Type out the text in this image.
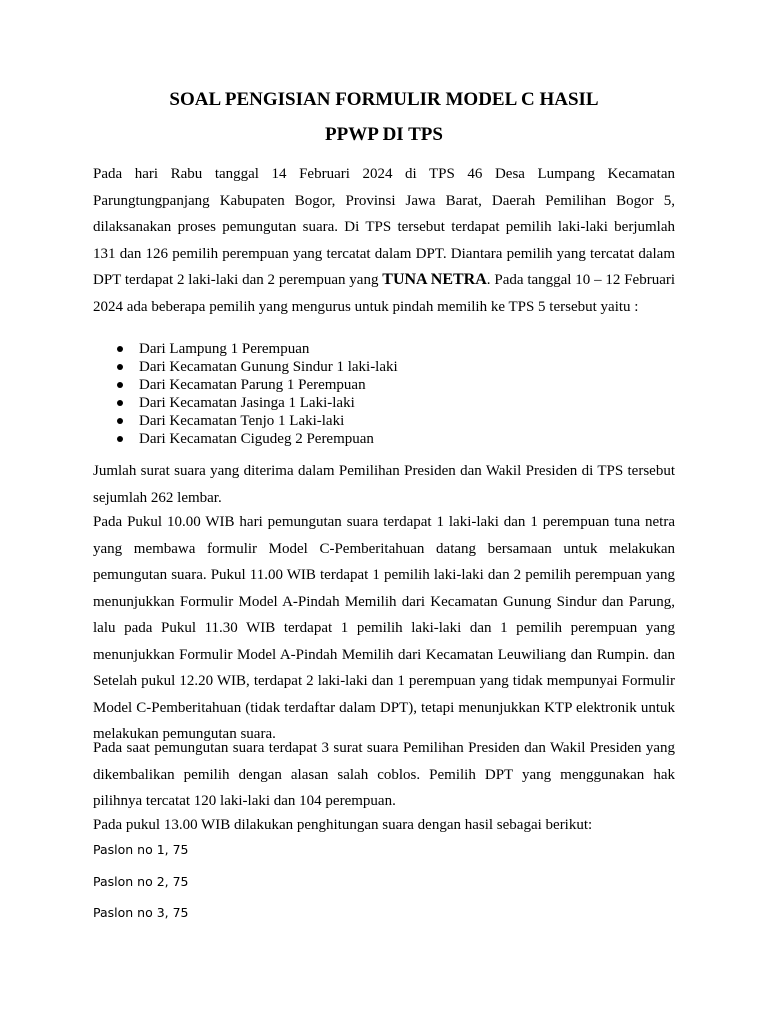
SOAL PENGISIAN FORMULIR MODEL C HASIL
PPWP DI TPS

Pada hari Rabu tanggal 14 Februari 2024 di TPS 46 Desa Lumpang Kecamatan Parungtungpanjang Kabupaten Bogor, Provinsi Jawa Barat, Daerah Pemilihan Bogor 5, dilaksanakan proses pemungutan suara. Di TPS tersebut terdapat pemilih laki-laki berjumlah 131 dan 126 pemilih perempuan yang tercatat dalam DPT. Diantara pemilih yang tercatat dalam DPT terdapat 2 laki-laki dan 2 perempuan yang TUNA NETRA. Pada tanggal 10 – 12 Februari 2024 ada beberapa pemilih yang mengurus untuk pindah memilih ke TPS 5 tersebut yaitu :

Dari Lampung 1 Perempuan
Dari Kecamatan Gunung Sindur 1 laki-laki
Dari Kecamatan Parung 1 Perempuan
Dari Kecamatan Jasinga 1 Laki-laki
Dari Kecamatan Tenjo 1 Laki-laki
Dari Kecamatan Cigudeg 2 Perempuan

Jumlah surat suara yang diterima dalam Pemilihan Presiden dan Wakil Presiden di TPS tersebut sejumlah 262 lembar.

Pada Pukul 10.00 WIB hari pemungutan suara terdapat 1 laki-laki dan 1 perempuan tuna netra yang membawa formulir Model C-Pemberitahuan datang bersamaan untuk melakukan pemungutan suara. Pukul 11.00 WIB terdapat 1 pemilih laki-laki dan 2 pemilih perempuan yang menunjukkan Formulir Model A-Pindah Memilih dari Kecamatan Gunung Sindur dan Parung, lalu pada Pukul 11.30 WIB terdapat 1 pemilih laki-laki dan 1 pemilih perempuan yang menunjukkan Formulir Model A-Pindah Memilih dari Kecamatan Leuwiliang dan Rumpin. dan Setelah pukul 12.20 WIB, terdapat 2 laki-laki dan 1 perempuan yang tidak mempunyai Formulir Model C-Pemberitahuan (tidak terdaftar dalam DPT), tetapi menunjukkan KTP elektronik untuk melakukan pemungutan suara.

Pada saat pemungutan suara terdapat 3 surat suara Pemilihan Presiden dan Wakil Presiden yang dikembalikan pemilih dengan alasan salah coblos. Pemilih DPT yang menggunakan hak pilihnya tercatat 120 laki-laki dan 104 perempuan.

Pada pukul 13.00 WIB dilakukan penghitungan suara dengan hasil sebagai berikut:

Paslon no 1, 75

Paslon no 2, 75

Paslon no 3, 75
